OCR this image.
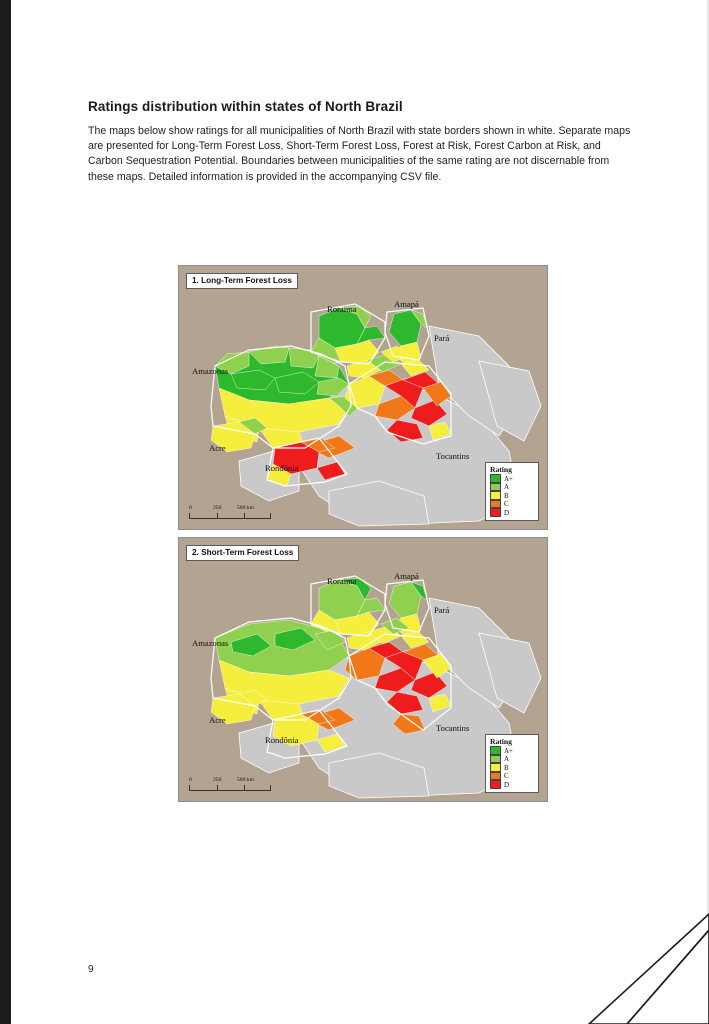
Ratings distribution within states of North Brazil

The maps below show ratings for all municipalities of North Brazil with state borders shown in white. Separate maps are presented for Long-Term Forest Loss, Short-Term Forest Loss, Forest at Risk, Forest Carbon at Risk, and Carbon Sequestration Potential. Boundaries between municipalities of the same rating are not discernable from these maps. Detailed information is provided in the accompanying CSV file.

1. Long-Term Forest Loss
Roraima	Amapá
Pará
Amazonas
Acre
Rondônia
Tocantins
Rating
A+
A
B
C
D
0	250	500 km
2. Short-Term Forest Loss
Roraima	Amapá
Pará
Amazonas
Acre
Rondônia
Tocantins
Rating
A+
A
B
C
D
0	250	500 km
9
